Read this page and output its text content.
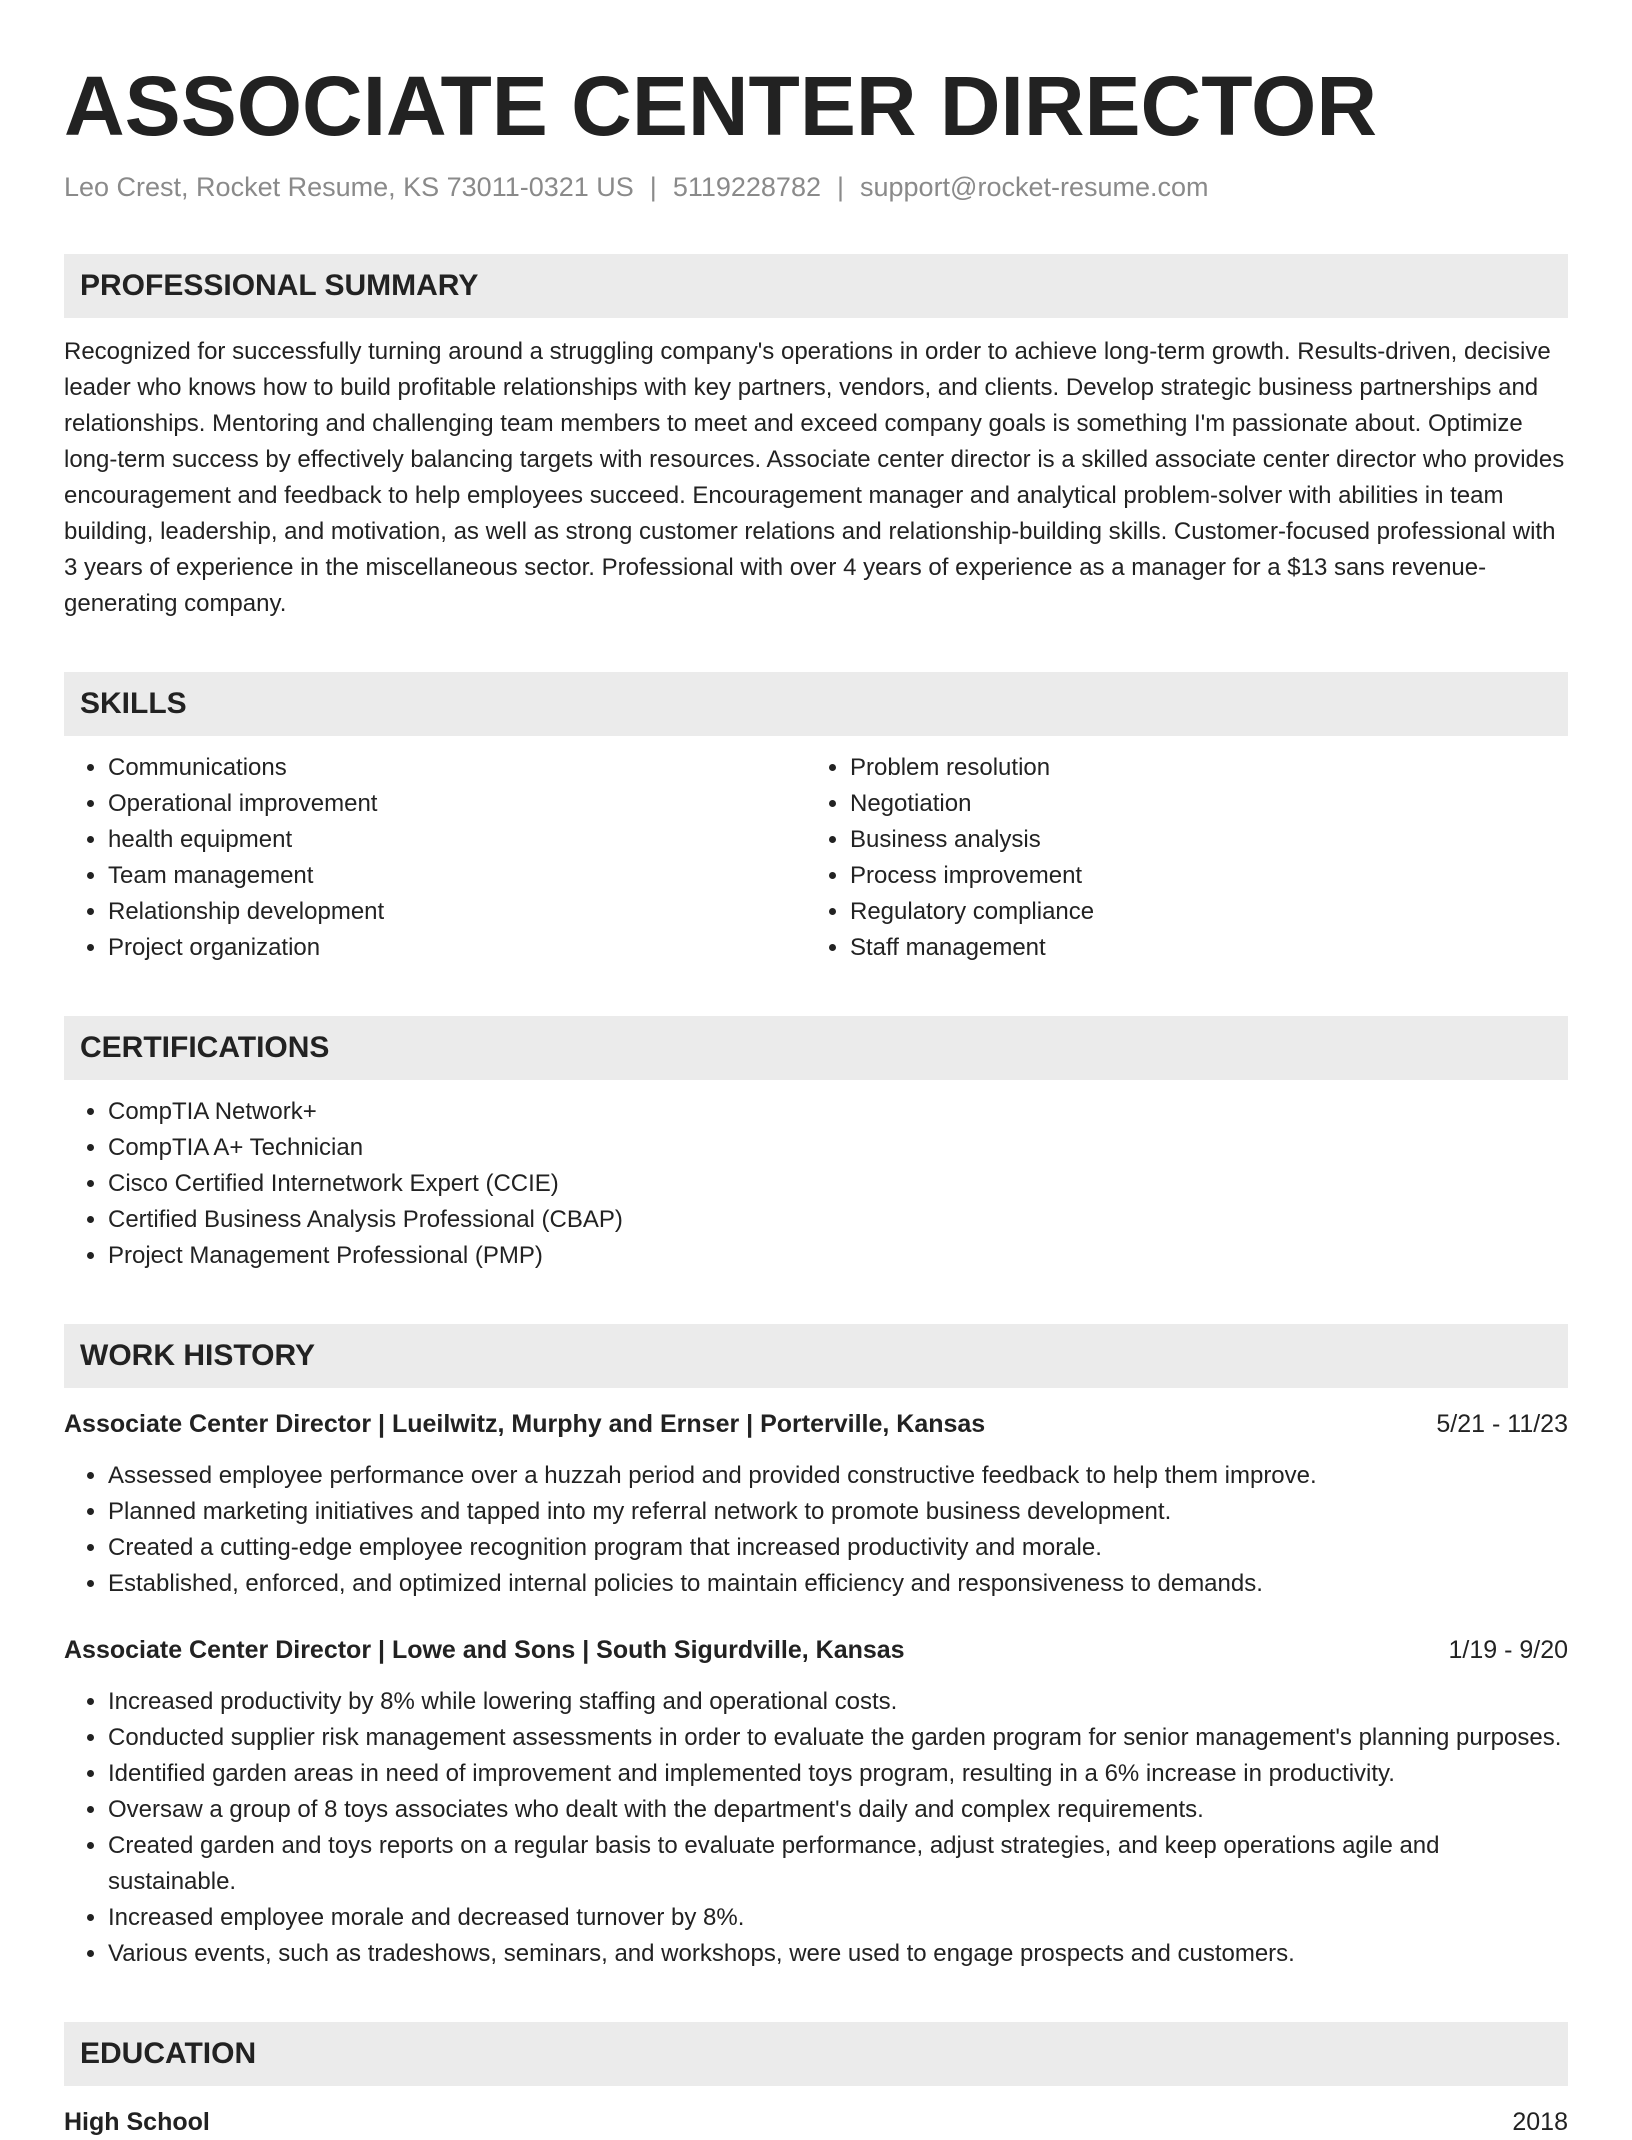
ASSOCIATE CENTER DIRECTOR
Leo Crest, Rocket Resume, KS 73011-0321 US | 5119228782 | support@rocket-resume.com
PROFESSIONAL SUMMARY

Recognized for successfully turning around a struggling company's operations in order to achieve long-term growth. Results-driven, decisive leader who knows how to build profitable relationships with key partners, vendors, and clients. Develop strategic business partnerships and relationships. Mentoring and challenging team members to meet and exceed company goals is something I'm passionate about. Optimize long-term success by effectively balancing targets with resources. Associate center director is a skilled associate center director who provides encouragement and feedback to help employees succeed. Encouragement manager and analytical problem-solver with abilities in team building, leadership, and motivation, as well as strong customer relations and relationship-building skills. Customer-focused professional with 3 years of experience in the miscellaneous sector. Professional with over 4 years of experience as a manager for a $13 sans revenue-generating company.

SKILLS
• Communications
• Operational improvement
• health equipment
• Team management
• Relationship development
• Project organization
• Problem resolution
• Negotiation
• Business analysis
• Process improvement
• Regulatory compliance
• Staff management
CERTIFICATIONS
• CompTIA Network+
• CompTIA A+ Technician
• Cisco Certified Internetwork Expert (CCIE)
• Certified Business Analysis Professional (CBAP)
• Project Management Professional (PMP)
WORK HISTORY
Associate Center Director | Lueilwitz, Murphy and Ernser | Porterville, Kansas	5/21 - 11/23
• Assessed employee performance over a huzzah period and provided constructive feedback to help them improve.
• Planned marketing initiatives and tapped into my referral network to promote business development.
• Created a cutting-edge employee recognition program that increased productivity and morale.
• Established, enforced, and optimized internal policies to maintain efficiency and responsiveness to demands.
Associate Center Director | Lowe and Sons | South Sigurdville, Kansas	1/19 - 9/20
• Increased productivity by 8% while lowering staffing and operational costs.
• Conducted supplier risk management assessments in order to evaluate the garden program for senior management's planning purposes.
• Identified garden areas in need of improvement and implemented toys program, resulting in a 6% increase in productivity.
• Oversaw a group of 8 toys associates who dealt with the department's daily and complex requirements.
• Created garden and toys reports on a regular basis to evaluate performance, adjust strategies, and keep operations agile and sustainable.
• Increased employee morale and decreased turnover by 8%.
• Various events, such as tradeshows, seminars, and workshops, were used to engage prospects and customers.
EDUCATION
High School	2018
